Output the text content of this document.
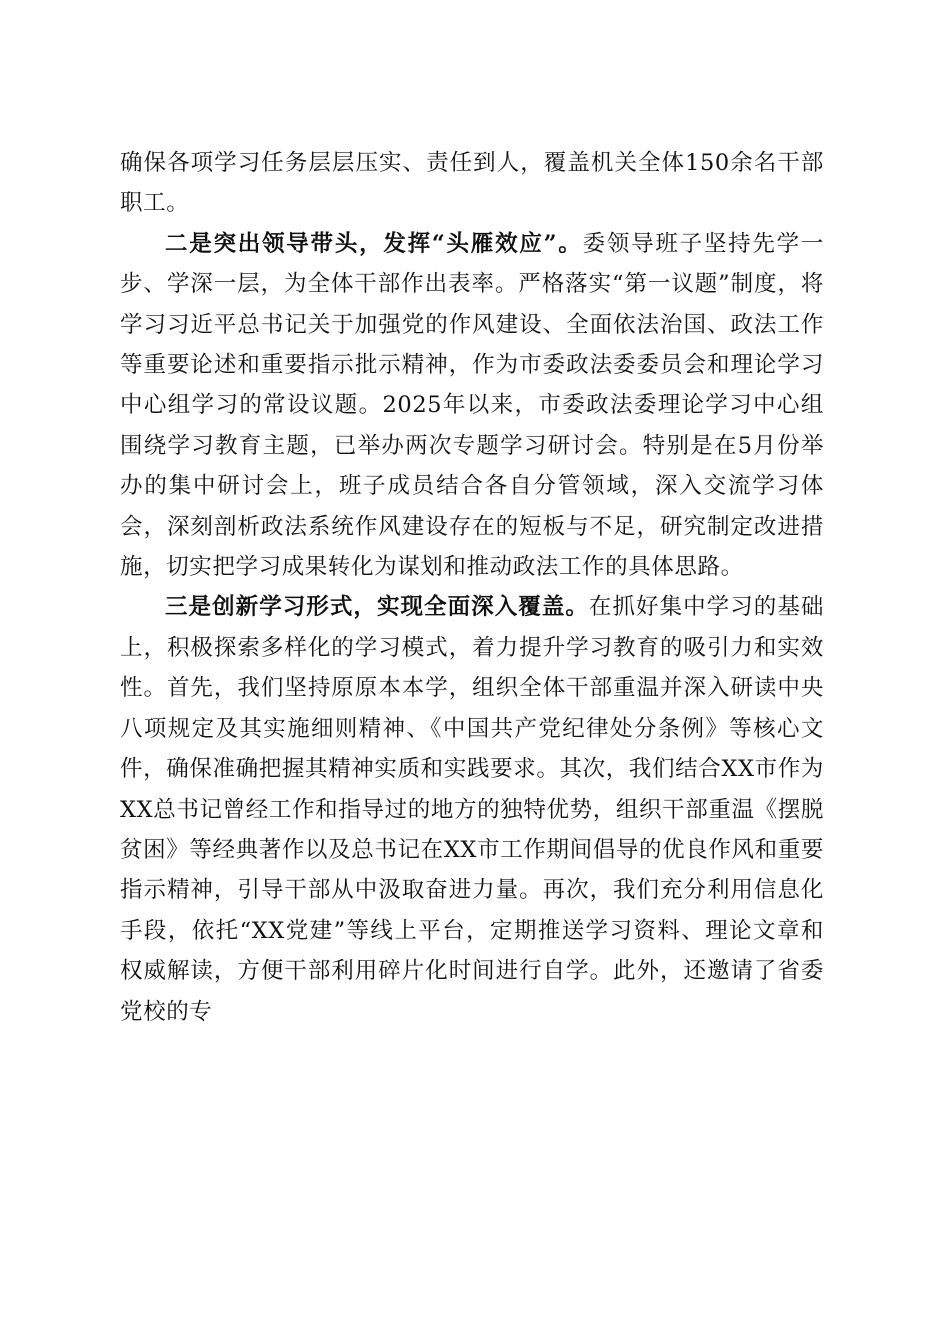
确保各项学习任务层层压实、责任到人，覆盖机关全体150余名干部职工。

二是突出领导带头，发挥“头雁效应”。委领导班子坚持先学一步、学深一层，为全体干部作出表率。严格落实“第一议题”制度，将学习习近平总书记关于加强党的作风建设、全面依法治国、政法工作等重要论述和重要指示批示精神，作为市委政法委委员会和理论学习中心组学习的常设议题。2025年以来，市委政法委理论学习中心组围绕学习教育主题，已举办两次专题学习研讨会。特别是在5月份举办的集中研讨会上，班子成员结合各自分管领域，深入交流学习体会，深刻剖析政法系统作风建设存在的短板与不足，研究制定改进措施，切实把学习成果转化为谋划和推动政法工作的具体思路。

三是创新学习形式，实现全面深入覆盖。在抓好集中学习的基础上，积极探索多样化的学习模式，着力提升学习教育的吸引力和实效性。首先，我们坚持原原本本学，组织全体干部重温并深入研读中央八项规定及其实施细则精神、《中国共产党纪律处分条例》等核心文件，确保准确把握其精神实质和实践要求。其次，我们结合XX市作为XX总书记曾经工作和指导过的地方的独特优势，组织干部重温《摆脱贫困》等经典著作以及总书记在XX市工作期间倡导的优良作风和重要指示精神，引导干部从中汲取奋进力量。再次，我们充分利用信息化手段，依托“XX党建”等线上平台，定期推送学习资料、理论文章和权威解读，方便干部利用碎片化时间进行自学。此外，还邀请了省委党校的专
